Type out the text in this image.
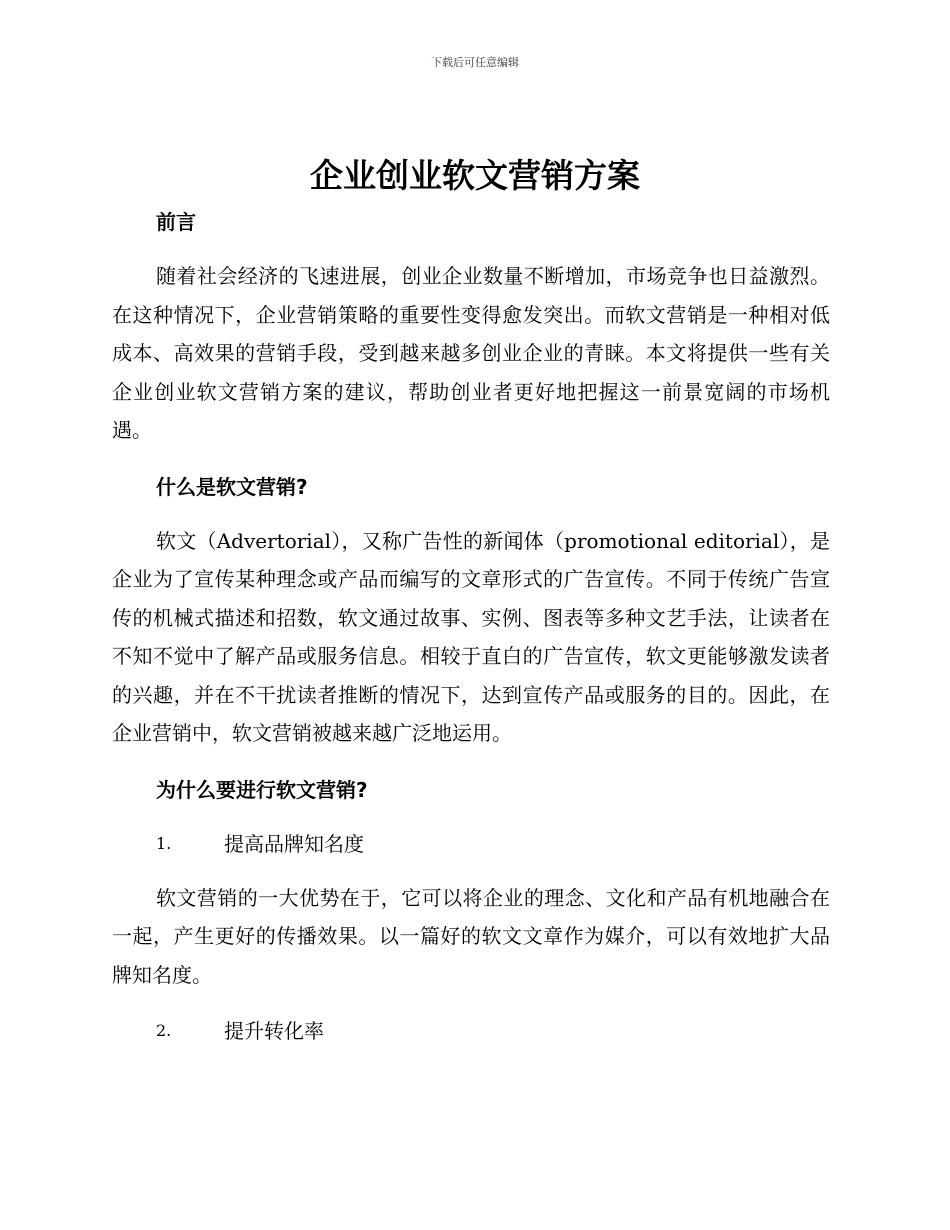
下载后可任意编辑
企业创业软文营销方案
前言

随着社会经济的飞速进展，创业企业数量不断增加，市场竞争也日益激烈。在这种情况下，企业营销策略的重要性变得愈发突出。而软文营销是一种相对低成本、高效果的营销手段，受到越来越多创业企业的青睐。本文将提供一些有关企业创业软文营销方案的建议，帮助创业者更好地把握这一前景宽阔的市场机遇。

什么是软文营销?

软文（Advertorial），又称广告性的新闻体（promotional editorial），是企业为了宣传某种理念或产品而编写的文章形式的广告宣传。不同于传统广告宣传的机械式描述和招数，软文通过故事、实例、图表等多种文艺手法，让读者在不知不觉中了解产品或服务信息。相较于直白的广告宣传，软文更能够激发读者的兴趣，并在不干扰读者推断的情况下，达到宣传产品或服务的目的。因此，在企业营销中，软文营销被越来越广泛地运用。

为什么要进行软文营销?
1.	提高品牌知名度

软文营销的一大优势在于，它可以将企业的理念、文化和产品有机地融合在一起，产生更好的传播效果。以一篇好的软文文章作为媒介，可以有效地扩大品牌知名度。

2.	提升转化率
